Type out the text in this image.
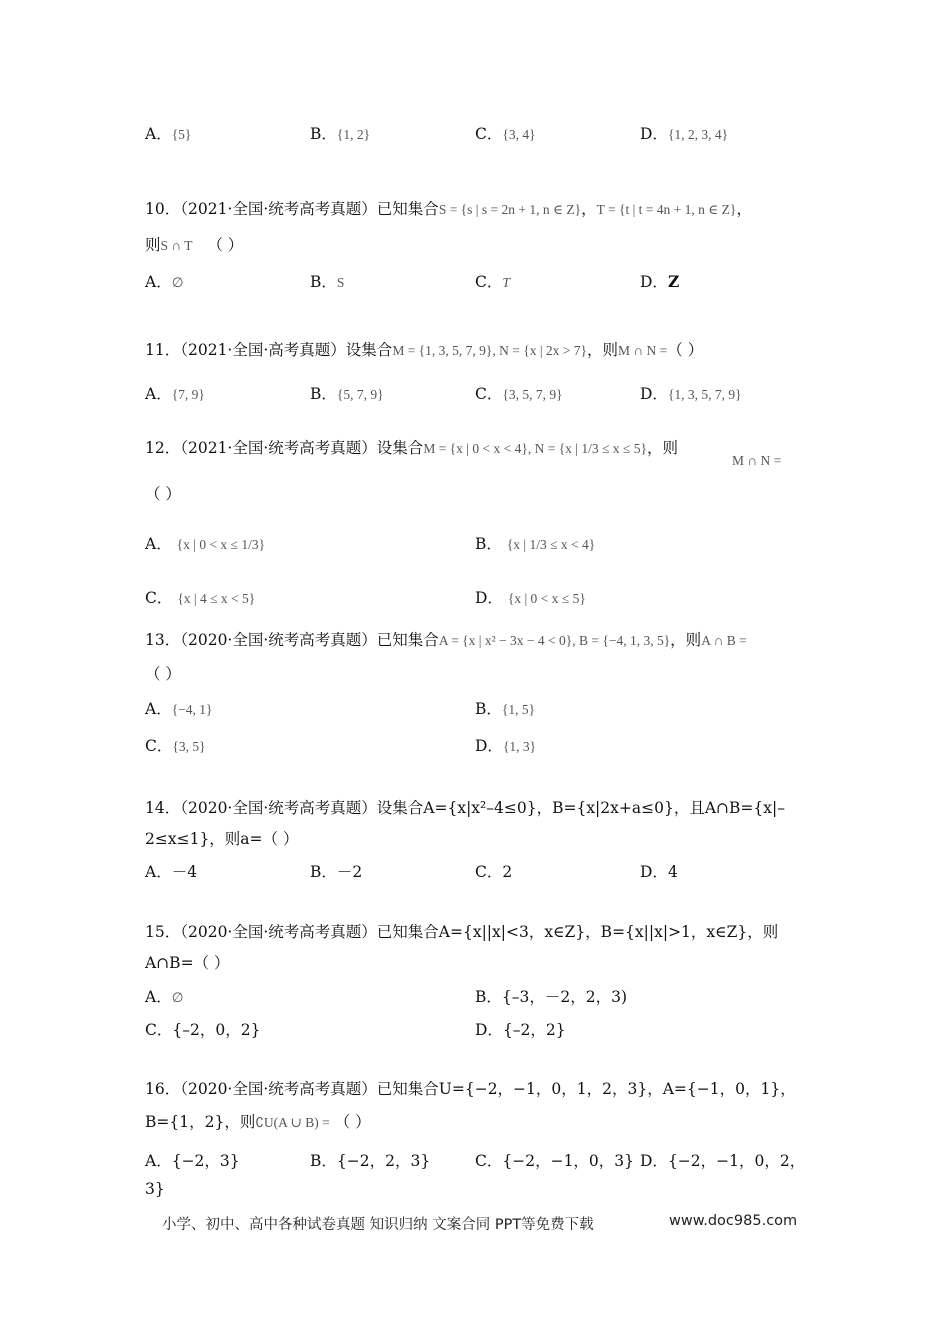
A．{5}	B．{1, 2}	C．{3, 4}	D．{1, 2, 3, 4}
10．（2021·全国·统考高考真题）已知集合S = {s | s = 2n + 1, n ∈ Z}，T = {t | t = 4n + 1, n ∈ Z}，
则S ∩ T （ ）
A．∅	B．S	C．T	D．Z
11．（2021·全国·高考真题）设集合M = {1, 3, 5, 7, 9}, N = {x | 2x > 7}，则M ∩ N =（ ）
A．{7, 9}	B．{5, 7, 9}	C．{3, 5, 7, 9}	D．{1, 3, 5, 7, 9}
12．（2021·全国·统考高考真题）设集合M = {x | 0 < x < 4}, N = {x | 1/3 ≤ x ≤ 5}，则
M ∩ N =
（ ）
A． {x | 0 < x ≤ 1/3}	B． {x | 1/3 ≤ x < 4}
C． {x | 4 ≤ x < 5}	D． {x | 0 < x ≤ 5}
13．（2020·全国·统考高考真题）已知集合A = {x | x² − 3x − 4 < 0}, B = {−4, 1, 3, 5}，则A ∩ B =
（ ）
A．{−4, 1}	B．{1, 5}
C．{3, 5}	D．{1, 3}
14．（2020·全国·统考高考真题）设集合A={x|x²–4≤0}，B={x|2x+a≤0}，且A∩B={x|–
2≤x≤1}，则a=（ ）
A．－4	B．－2	C．2	D．4
15．（2020·全国·统考高考真题）已知集合A={x||x|<3，x∈Z}，B={x||x|>1，x∈Z}，则
A∩B=（ ）
A．∅	B．{–3，－2，2，3)
C．{–2，0，2}	D．{–2，2}
16．（2020·全国·统考高考真题）已知集合U={−2，−1，0，1，2，3}，A={−1，0，1}，
B={1，2}，则∁U(A ∪ B) = （ ）
A．{−2，3}	B．{−2，2，3}	C．{−2，−1，0，3} D．{−2，−1，0，2，
3}
小学、初中、高中各种试卷真题 知识归纳 文案合同 PPT等免费下载	www.doc985.com
